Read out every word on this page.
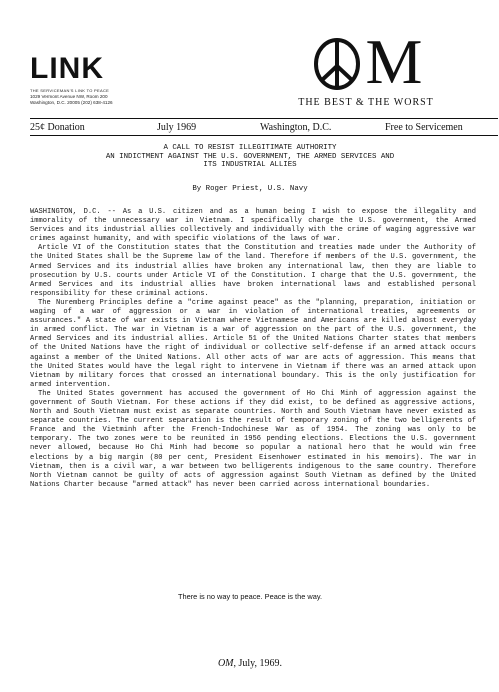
LINK
THE SERVICEMAN'S LINK TO PEACE
1029 Vermont Avenue NW, Room 200
Washington, D.C. 20005 (202) 638-4126
M
THE BEST & THE WORST
25¢ Donation	July 1969	Washington, D.C.	Free to Servicemen
A CALL TO RESIST ILLEGITIMATE AUTHORITY
AN INDICTMENT AGAINST THE U.S. GOVERNMENT, THE ARMED SERVICES AND
ITS INDUSTRIAL ALLIES
By Roger Priest, U.S. Navy

WASHINGTON, D.C. -- As a U.S. citizen and as a human being I wish to expose the illegality and immorality of the unnecessary war in Vietnam. I specifically charge the U.S. government, the Armed Services and its industrial allies collectively and individually with the crime of waging aggressive war crimes against humanity, and with specific violations of the laws of war.

Article VI of the Constitution states that the Constitution and treaties made under the Authority of the United States shall be the Supreme law of the land. Therefore if members of the U.S. government, the Armed Services and its industrial allies have broken any international law, then they are liable to prosecution by U.S. courts under Article VI of the Constitution. I charge that the U.S. government, the Armed Services and its industrial allies have broken international laws and established personal responsibility for these criminal actions.

The Nuremberg Principles define a "crime against peace" as the "planning, preparation, initiation or waging of a war of aggression or a war in violation of international treaties, agreements or assurances." A state of war exists in Vietnam where Vietnamese and Americans are killed almost everyday in armed conflict. The war in Vietnam is a war of aggression on the part of the U.S. government, the Armed Services and its industrial allies. Article 51 of the United Nations Charter states that members of the United Nations have the right of individual or collective self-defense if an armed attack occurs against a member of the United Nations. All other acts of war are acts of aggression. This means that the United States would have the legal right to intervene in Vietnam if there was an armed attack upon Vietnam by military forces that crossed an international boundary. This is the only justification for armed intervention.

The United States government has accused the government of Ho Chi Minh of aggression against the government of South Vietnam. For these actions if they did exist, to be defined as aggressive actions, North and South Vietnam must exist as separate countries. North and South Vietnam have never existed as separate countries. The current separation is the result of temporary zoning of the two belligerents of France and the Vietminh after the French-Indochinese War as of 1954. The zoning was only to be temporary. The two zones were to be reunited in 1956 pending elections. Elections the U.S. government never allowed, because Ho Chi Minh had become so popular a national hero that he would win free elections by a big margin (80 per cent, President Eisenhower estimated in his memoirs). The war in Vietnam, then is a civil war, a war between two belligerents indigenous to the same country. Therefore North Vietnam cannot be guilty of acts of aggression against South Vietnam as defined by the United Nations Charter because "armed attack" has never been carried across international boundaries.

There is no way to peace. Peace is the way.
OM, July, 1969.
